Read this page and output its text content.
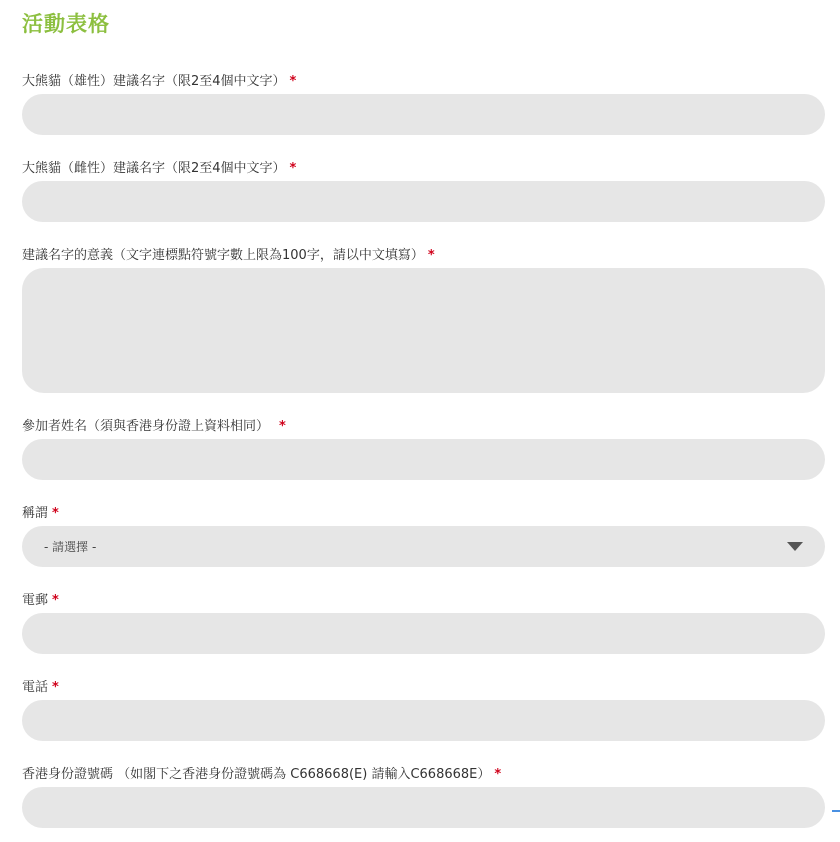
活動表格
大熊貓（雄性）建議名字（限2至4個中文字） *
大熊貓（雌性）建議名字（限2至4個中文字） *
建議名字的意義（文字連標點符號字數上限為100字，請以中文填寫） *
參加者姓名（須與香港身份證上資料相同） *
稱謂 *
- 請選擇 -
電郵 *
電話 *
香港身份證號碼 （如閣下之香港身份證號碼為 C668668(E) 請輸入C668668E） *
